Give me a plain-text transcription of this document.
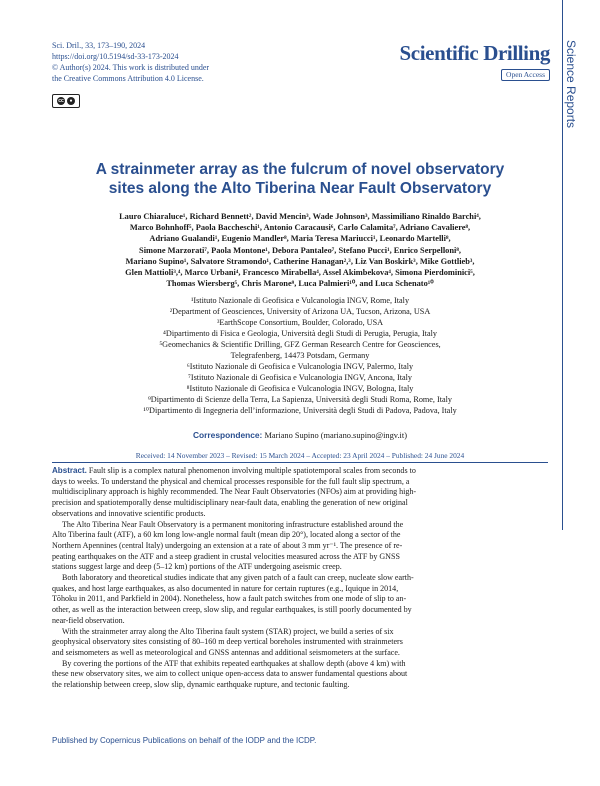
Sci. Dril., 33, 173–190, 2024
https://doi.org/10.5194/sd-33-173-2024
© Author(s) 2024. This work is distributed under
the Creative Commons Attribution 4.0 License.
cc	●
Scientific Drilling
Open Access	Science Reports
A strainmeter array as the fulcrum of novel observatory
sites along the Alto Tiberina Near Fault Observatory
Lauro Chiaraluce¹, Richard Bennett², David Mencin³, Wade Johnson³, Massimiliano Rinaldo Barchi⁴,
Marco Bohnhoff⁵, Paola Baccheschi¹, Antonio Caracausi⁶, Carlo Calamita⁷, Adriano Cavaliere⁸,
Adriano Gualandi¹, Eugenio Mandler⁸, Maria Teresa Mariucci¹, Leonardo Martelli⁸,
Simone Marzorati⁷, Paola Montone¹, Debora Pantaleo⁷, Stefano Pucci¹, Enrico Serpelloni⁸,
Mariano Supino¹, Salvatore Stramondo¹, Catherine Hanagan²,³, Liz Van Boskirk³, Mike Gottlieb³,
Glen Mattioli³,⁴, Marco Urbani⁴, Francesco Mirabella⁴, Assel Akimbekova⁴, Simona Pierdominici⁵,
Thomas Wiersberg⁵, Chris Marone⁹, Luca Palmieri¹⁰, and Luca Schenato¹⁰
¹Istituto Nazionale di Geofisica e Vulcanologia INGV, Rome, Italy
²Department of Geosciences, University of Arizona UA, Tucson, Arizona, USA
³EarthScope Consortium, Boulder, Colorado, USA
⁴Dipartimento di Fisica e Geologia, Università degli Studi di Perugia, Perugia, Italy
⁵Geomechanics & Scientific Drilling, GFZ German Research Centre for Geosciences,
Telegrafenberg, 14473 Potsdam, Germany
⁶Istituto Nazionale di Geofisica e Vulcanologia INGV, Palermo, Italy
⁷Istituto Nazionale di Geofisica e Vulcanologia INGV, Ancona, Italy
⁸Istituto Nazionale di Geofisica e Vulcanologia INGV, Bologna, Italy
⁹Dipartimento di Scienze della Terra, La Sapienza, Università degli Studi Roma, Rome, Italy
¹⁰Dipartimento di Ingegneria dell’informazione, Università degli Studi di Padova, Padova, Italy
Correspondence: Mariano Supino (mariano.supino@ingv.it)
Received: 14 November 2023 – Revised: 15 March 2024 – Accepted: 23 April 2024 – Published: 24 June 2024
Abstract. Fault slip is a complex natural phenomenon involving multiple spatiotemporal scales from seconds to
days to weeks. To understand the physical and chemical processes responsible for the full fault slip spectrum, a
multidisciplinary approach is highly recommended. The Near Fault Observatories (NFOs) aim at providing high-
precision and spatiotemporally dense multidisciplinary near-fault data, enabling the generation of new original
observations and innovative scientific products.
The Alto Tiberina Near Fault Observatory is a permanent monitoring infrastructure established around the
Alto Tiberina fault (ATF), a 60 km long low-angle normal fault (mean dip 20°), located along a sector of the
Northern Apennines (central Italy) undergoing an extension at a rate of about 3 mm yr⁻¹. The presence of re-
peating earthquakes on the ATF and a steep gradient in crustal velocities measured across the ATF by GNSS
stations suggest large and deep (5–12 km) portions of the ATF undergoing aseismic creep.
Both laboratory and theoretical studies indicate that any given patch of a fault can creep, nucleate slow earth-
quakes, and host large earthquakes, as also documented in nature for certain ruptures (e.g., Iquique in 2014,
Tōhoku in 2011, and Parkfield in 2004). Nonetheless, how a fault patch switches from one mode of slip to an-
other, as well as the interaction between creep, slow slip, and regular earthquakes, is still poorly documented by
near-field observation.
With the strainmeter array along the Alto Tiberina fault system (STAR) project, we build a series of six
geophysical observatory sites consisting of 80–160 m deep vertical boreholes instrumented with strainmeters
and seismometers as well as meteorological and GNSS antennas and additional seismometers at the surface.
By covering the portions of the ATF that exhibits repeated earthquakes at shallow depth (above 4 km) with
these new observatory sites, we aim to collect unique open-access data to answer fundamental questions about
the relationship between creep, slow slip, dynamic earthquake rupture, and tectonic faulting.
Published by Copernicus Publications on behalf of the IODP and the ICDP.
